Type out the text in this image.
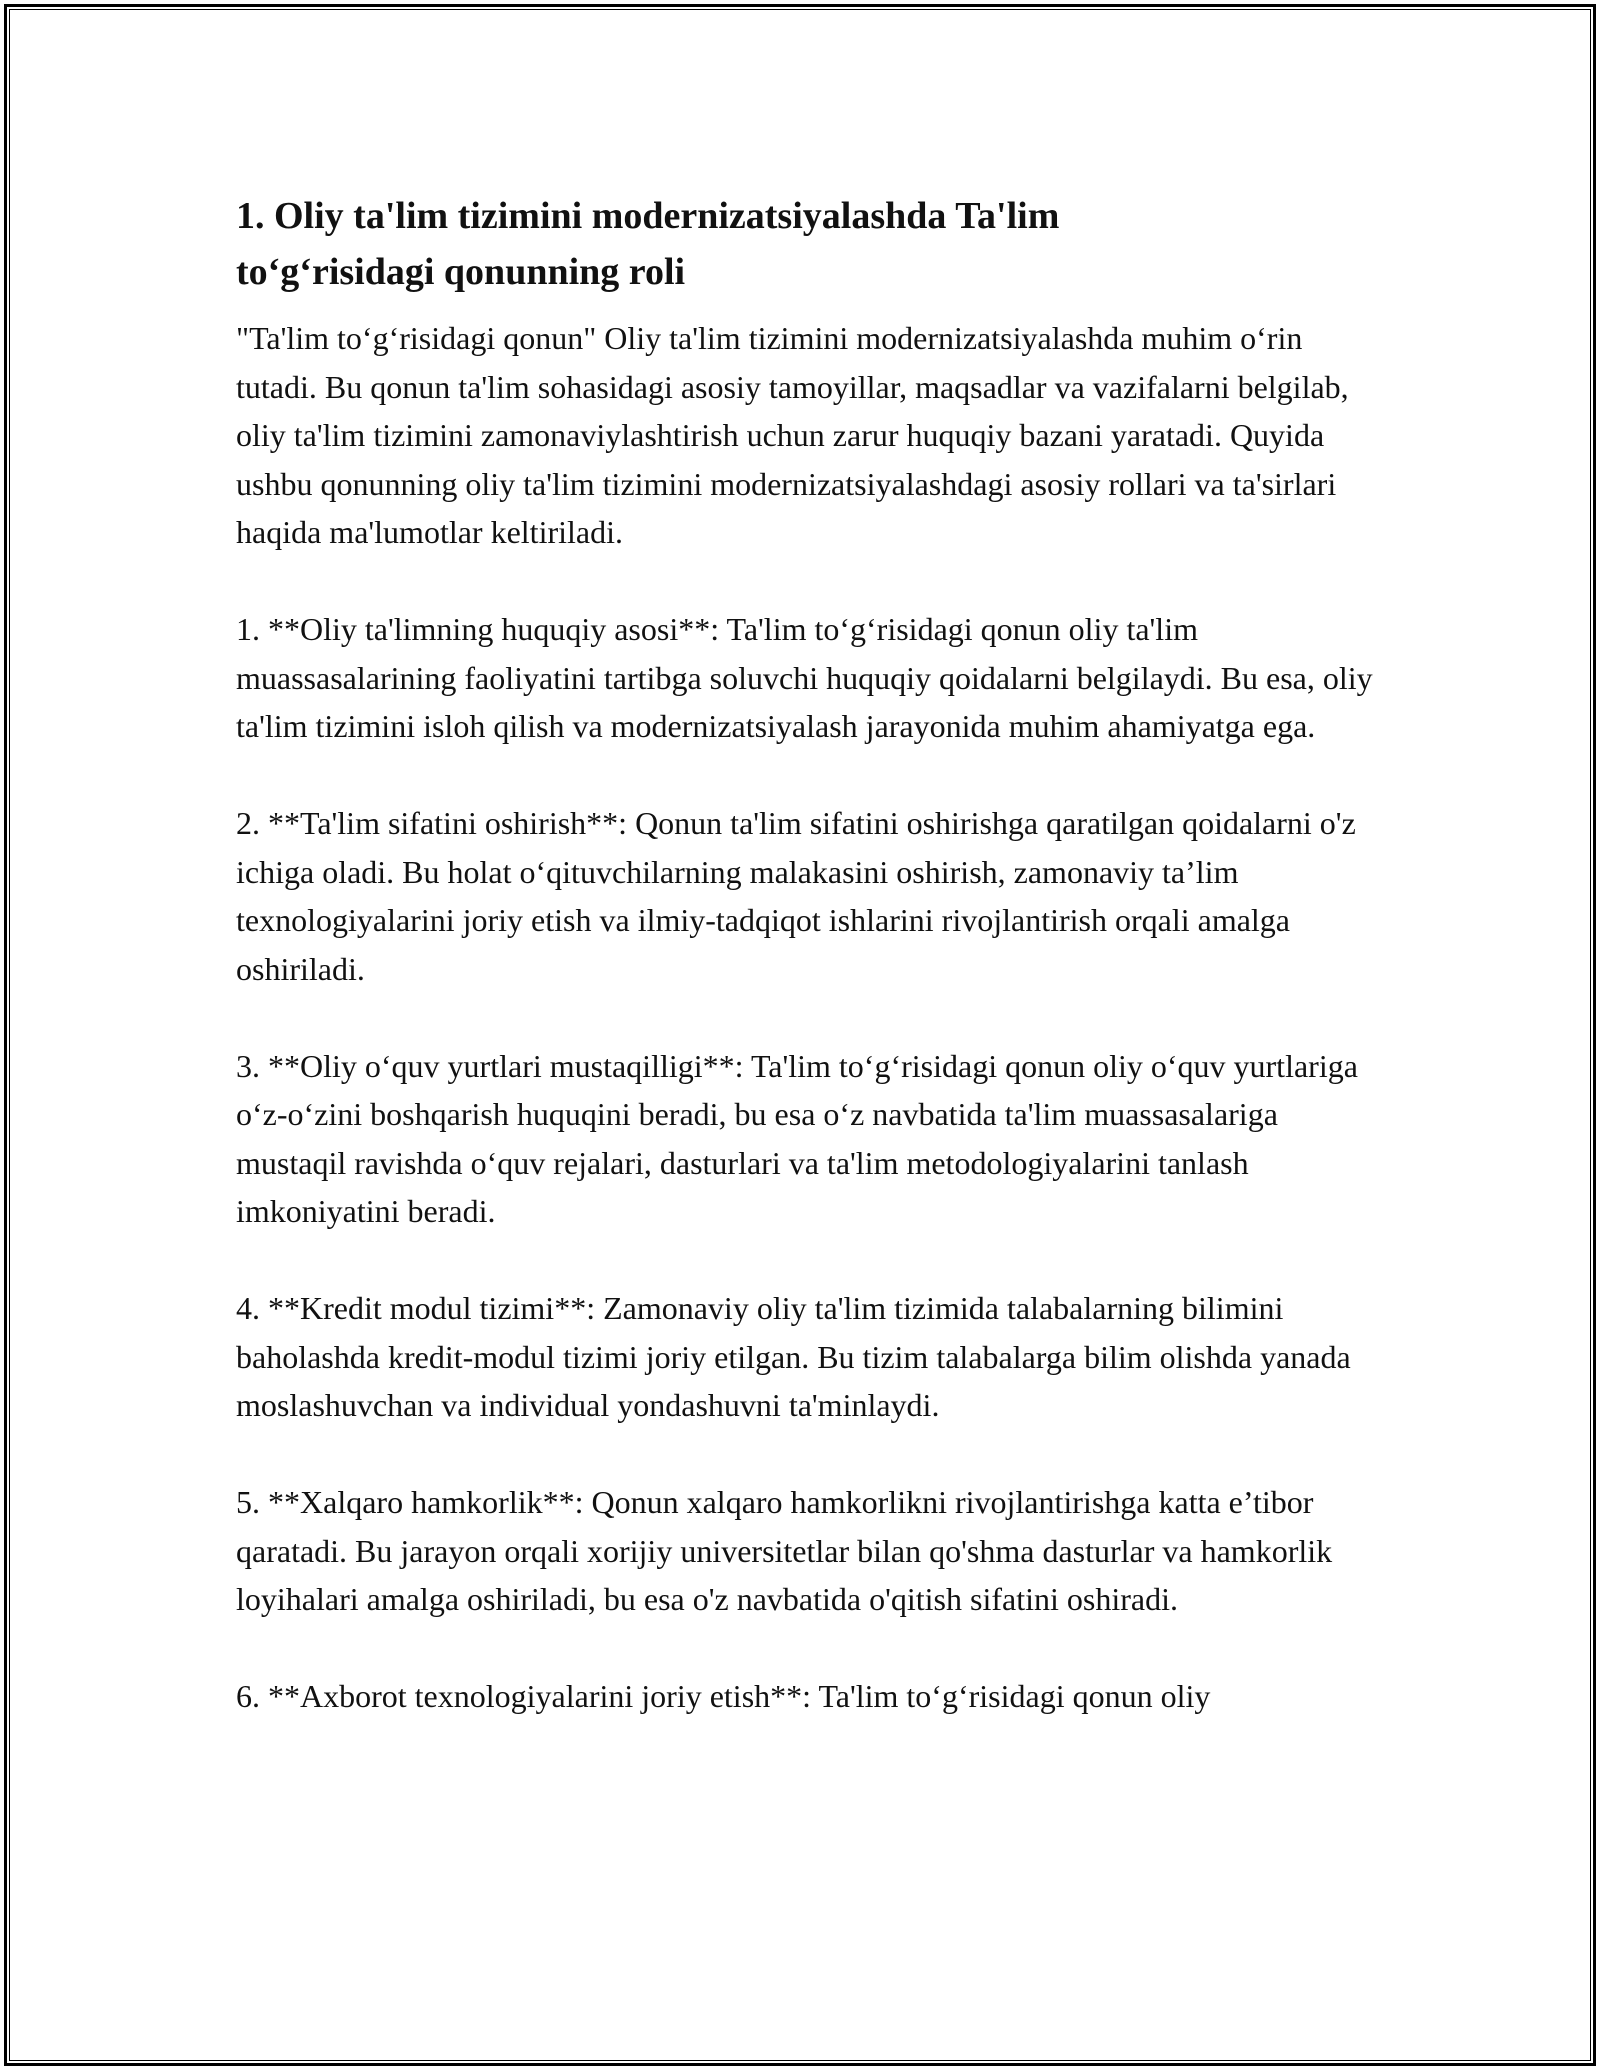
1. Oliy ta'lim tizimini modernizatsiyalashda Ta'lim to‘g‘risidagi qonunning roli

"Ta'lim to‘g‘risidagi qonun" Oliy ta'lim tizimini modernizatsiyalashda muhim o‘rin tutadi. Bu qonun ta'lim sohasidagi asosiy tamoyillar, maqsadlar va vazifalarni belgilab, oliy ta'lim tizimini zamonaviylashtirish uchun zarur huquqiy bazani yaratadi. Quyida ushbu qonunning oliy ta'lim tizimini modernizatsiyalashdagi asosiy rollari va ta'sirlari haqida ma'lumotlar keltiriladi.

1. **Oliy ta'limning huquqiy asosi**: Ta'lim to‘g‘risidagi qonun oliy ta'lim muassasalarining faoliyatini tartibga soluvchi huquqiy qoidalarni belgilaydi. Bu esa, oliy ta'lim tizimini isloh qilish va modernizatsiyalash jarayonida muhim ahamiyatga ega.

2. **Ta'lim sifatini oshirish**: Qonun ta'lim sifatini oshirishga qaratilgan qoidalarni o'z ichiga oladi. Bu holat o‘qituvchilarning malakasini oshirish, zamonaviy ta’lim texnologiyalarini joriy etish va ilmiy-tadqiqot ishlarini rivojlantirish orqali amalga oshiriladi.

3. **Oliy o‘quv yurtlari mustaqilligi**: Ta'lim to‘g‘risidagi qonun oliy o‘quv yurtlariga o‘z-o‘zini boshqarish huquqini beradi, bu esa o‘z navbatida ta'lim muassasalariga mustaqil ravishda o‘quv rejalari, dasturlari va ta'lim metodologiyalarini tanlash imkoniyatini beradi.

4. **Kredit modul tizimi**: Zamonaviy oliy ta'lim tizimida talabalarning bilimini baholashda kredit-modul tizimi joriy etilgan. Bu tizim talabalarga bilim olishda yanada moslashuvchan va individual yondashuvni ta'minlaydi.

5. **Xalqaro hamkorlik**: Qonun xalqaro hamkorlikni rivojlantirishga katta e’tibor qaratadi. Bu jarayon orqali xorijiy universitetlar bilan qo'shma dasturlar va hamkorlik loyihalari amalga oshiriladi, bu esa o'z navbatida o'qitish sifatini oshiradi.

6. **Axborot texnologiyalarini joriy etish**: Ta'lim to‘g‘risidagi qonun oliy
